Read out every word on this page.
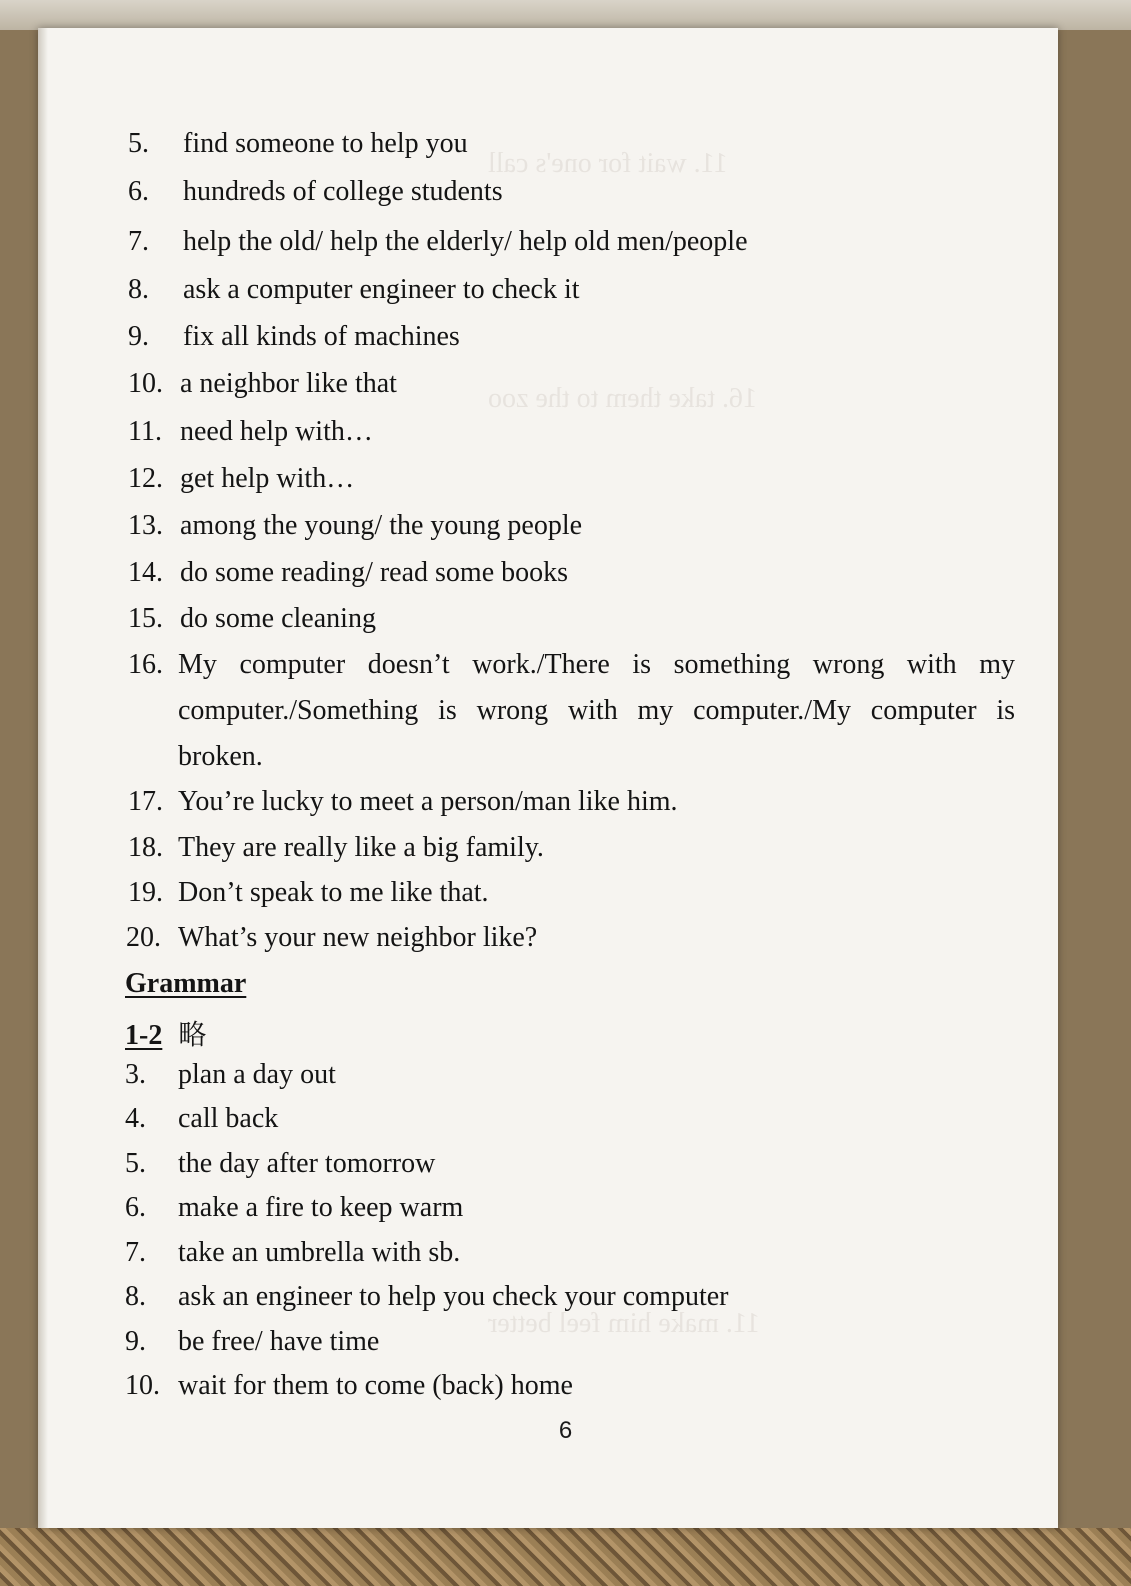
11. wait for one's call
16. take them to the zoo
11. make him feel better
5. find someone to help you
6. hundreds of college students
7. help the old/ help the elderly/ help old men/people
8. ask a computer engineer to check it
9. fix all kinds of machines
10. a neighbor like that
11. need help with…
12. get help with…
13. among the young/ the young people
14. do some reading/ read some books
15. do some cleaning
16. My computer doesn’t work./There is something wrong with my computer./Something is wrong with my computer./My computer is broken.
17. You’re lucky to meet a person/man like him.
18. They are really like a big family.
19. Don’t speak to me like that.
20. What’s your new neighbor like?
Grammar
1-2 略
3. plan a day out
4. call back
5. the day after tomorrow
6. make a fire to keep warm
7. take an umbrella with sb.
8. ask an engineer to help you check your computer
9. be free/ have time
10. wait for them to come (back) home
6
